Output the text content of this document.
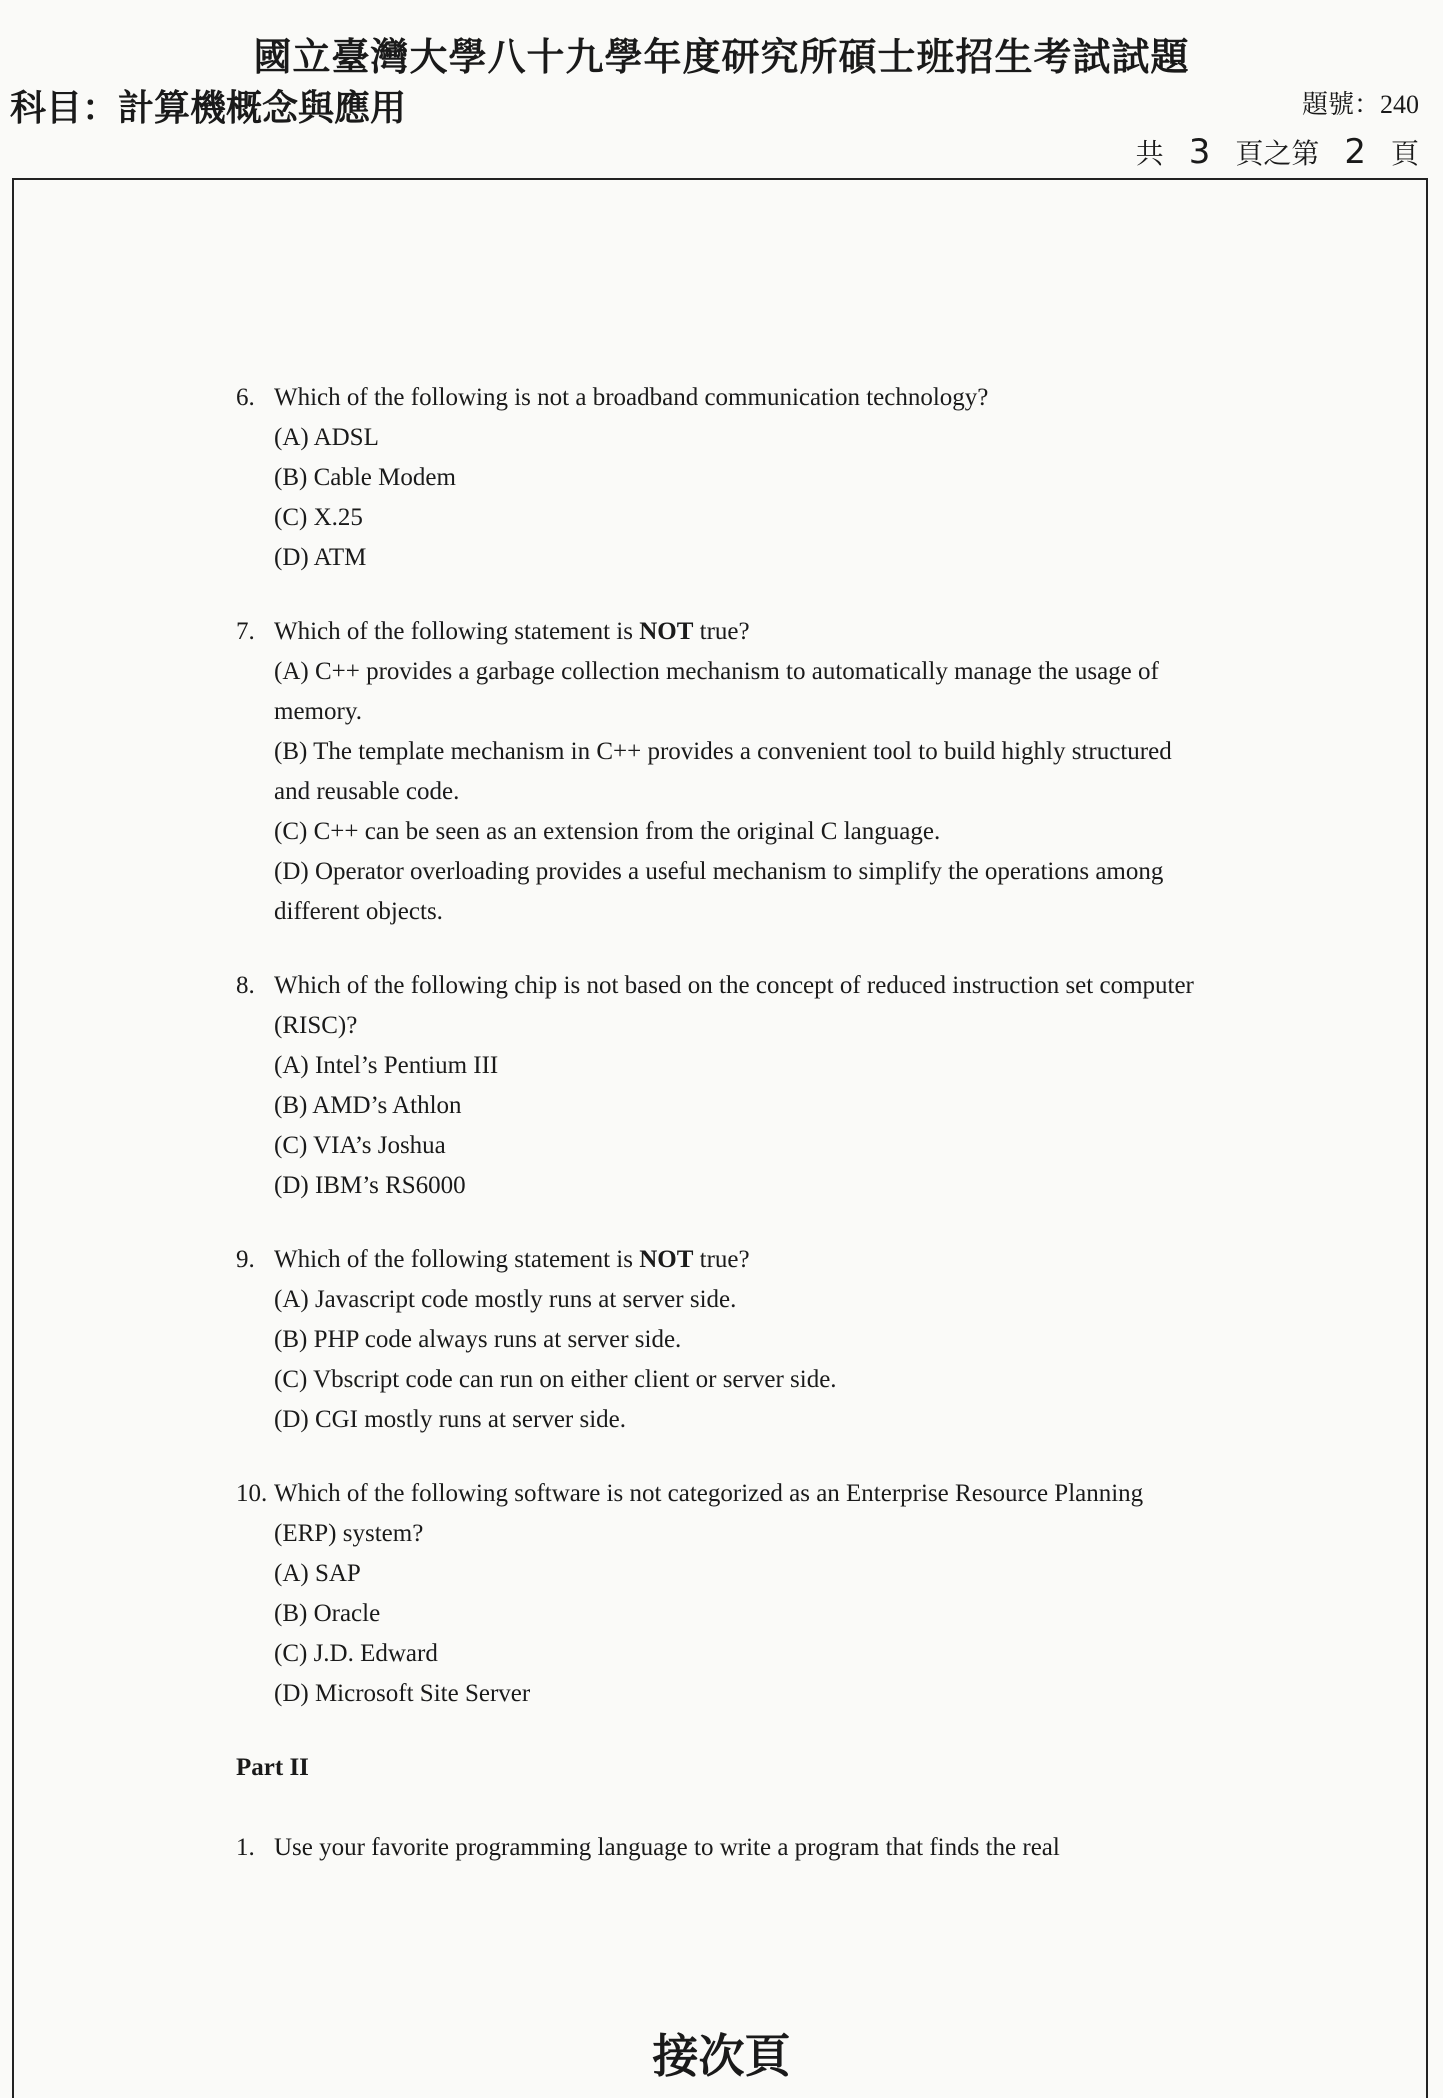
國立臺灣大學八十九學年度研究所碩士班招生考試試題
科目：計算機概念與應用	題號：240
共 3 頁之第 2 頁
6. Which of the following is not a broadband communication technology?
(A) ADSL
(B) Cable Modem
(C) X.25
(D) ATM
7. Which of the following statement is NOT true?
(A) C++ provides a garbage collection mechanism to automatically manage the usage of memory.
(B) The template mechanism in C++ provides a convenient tool to build highly structured and reusable code.
(C) C++ can be seen as an extension from the original C language.
(D) Operator overloading provides a useful mechanism to simplify the operations among different objects.
8. Which of the following chip is not based on the concept of reduced instruction set computer (RISC)?
(A) Intel’s Pentium III
(B) AMD’s Athlon
(C) VIA’s Joshua
(D) IBM’s RS6000
9. Which of the following statement is NOT true?
(A) Javascript code mostly runs at server side.
(B) PHP code always runs at server side.
(C) Vbscript code can run on either client or server side.
(D) CGI mostly runs at server side.
10. Which of the following software is not categorized as an Enterprise Resource Planning (ERP) system?
(A) SAP
(B) Oracle
(C) J.D. Edward
(D) Microsoft Site Server
Part II
1. Use your favorite programming language to write a program that finds the real
接次頁
